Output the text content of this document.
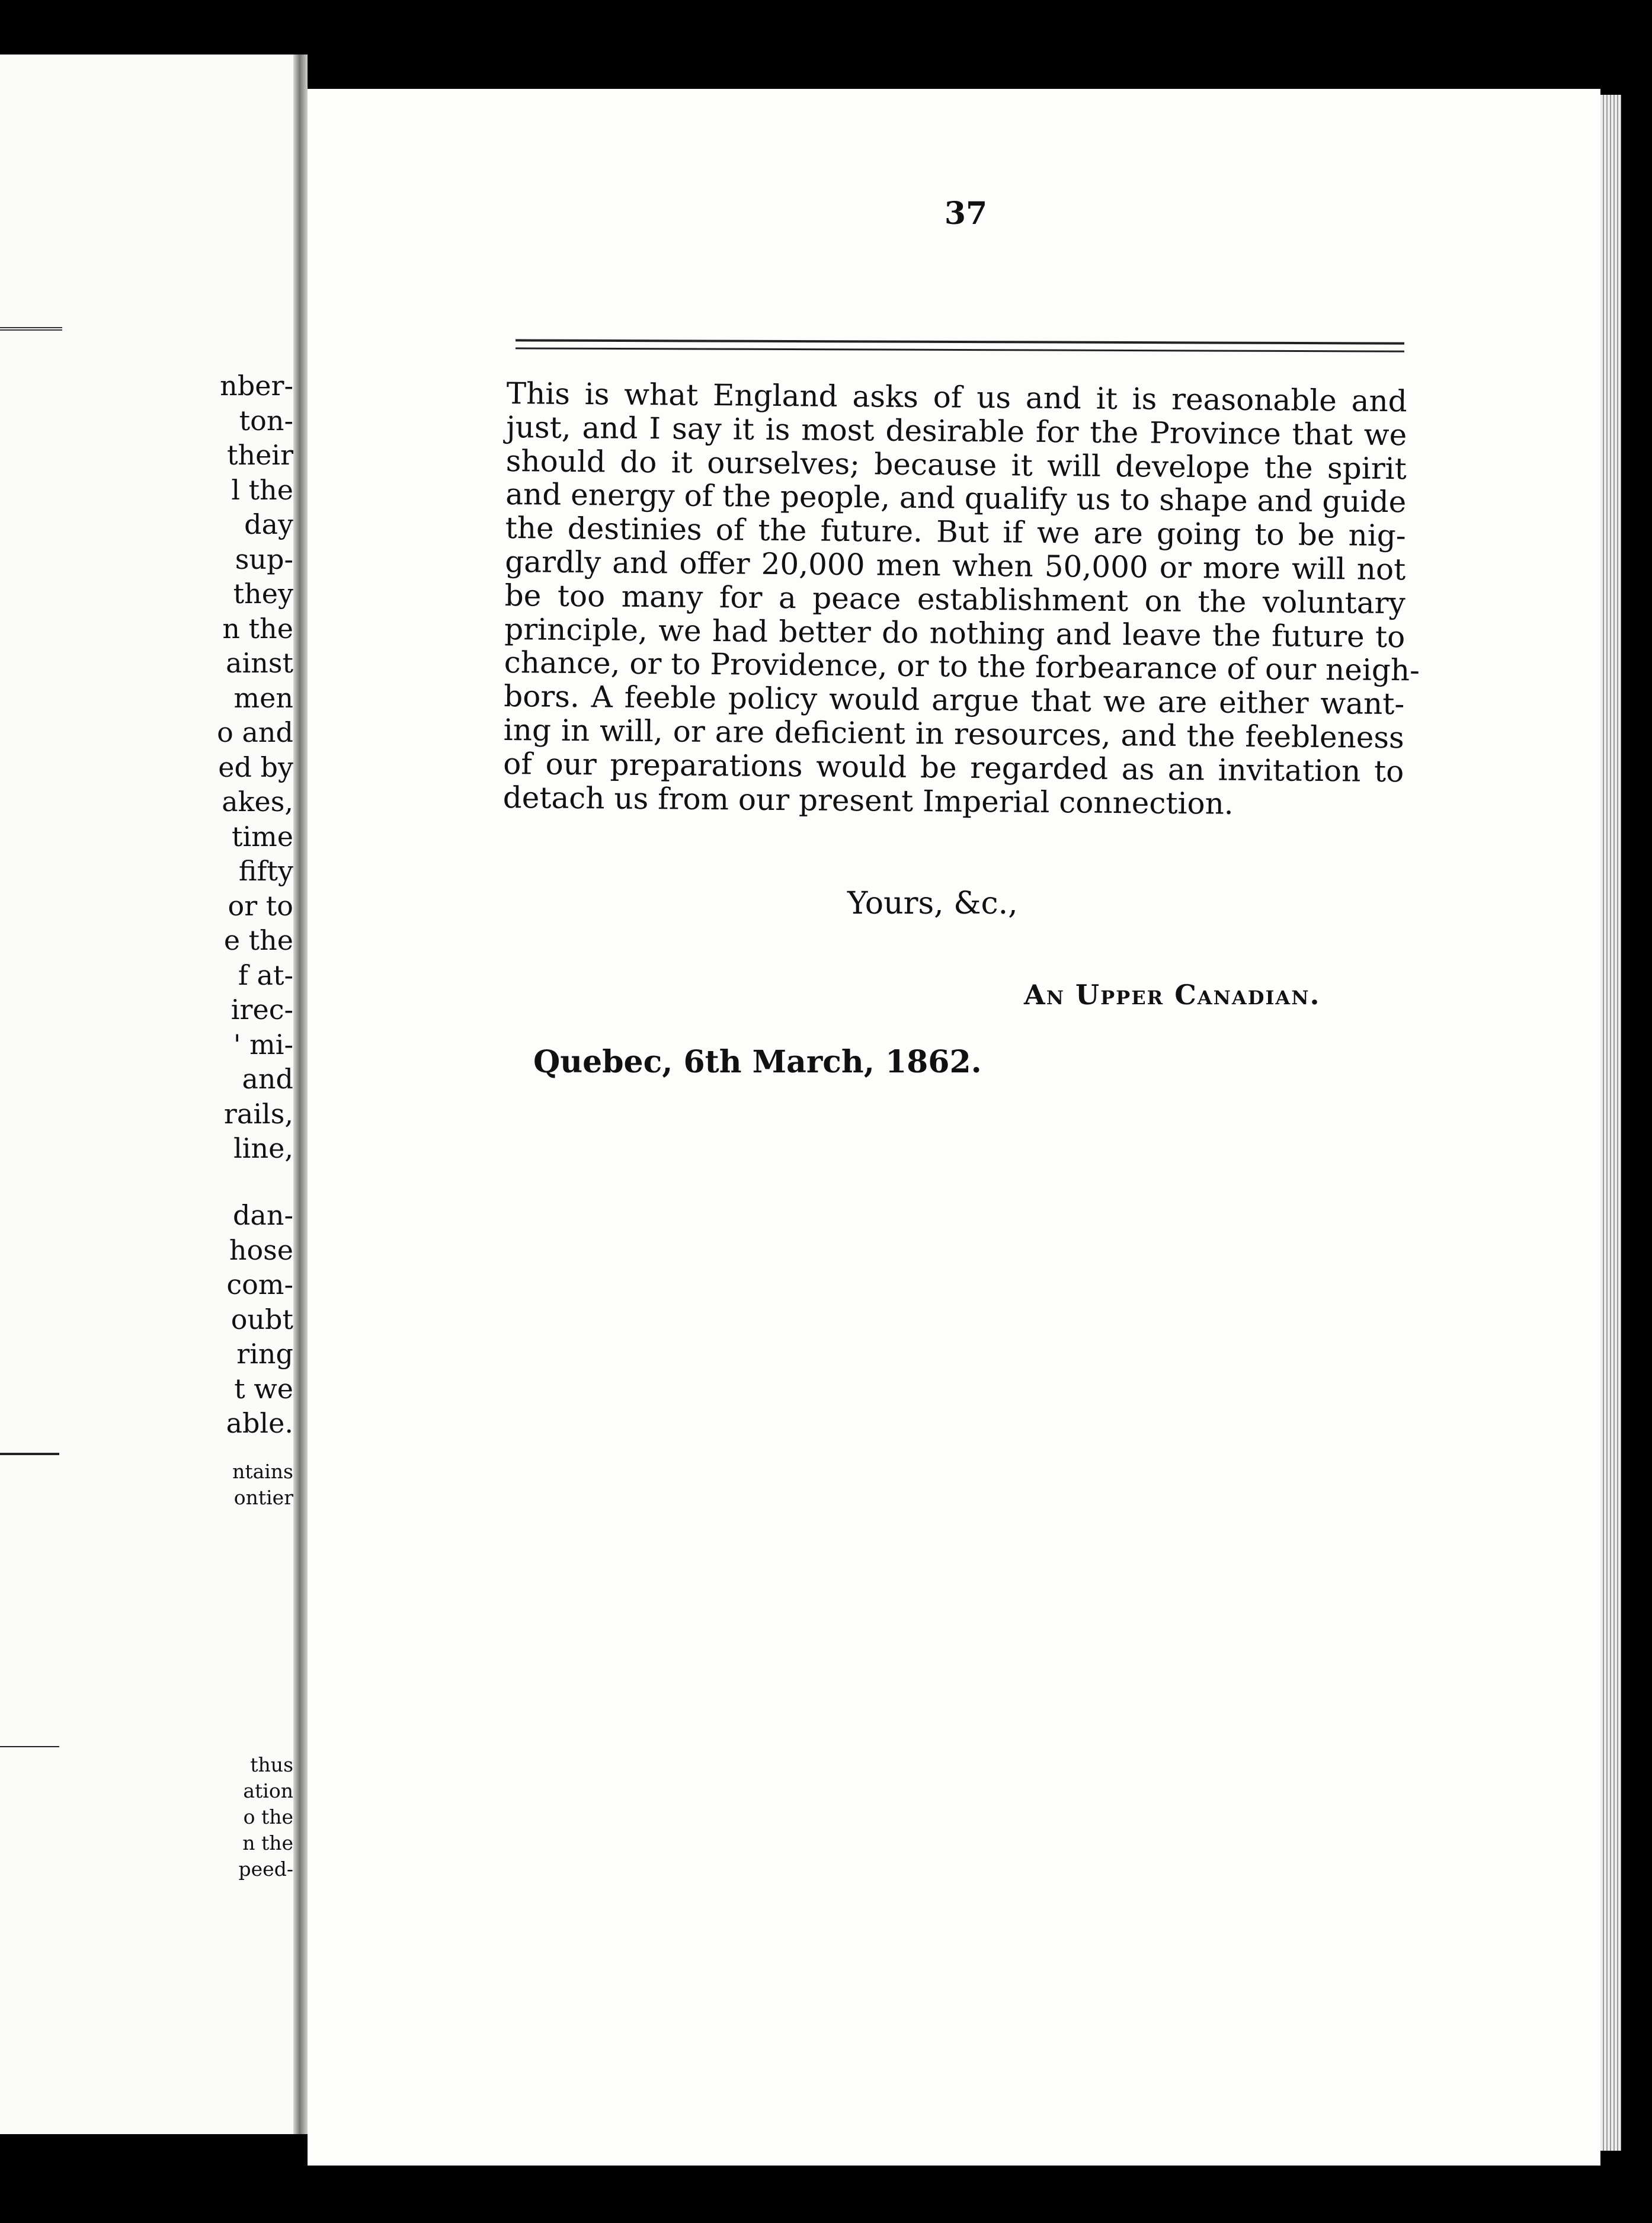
nber-
ton-
their
l the
day
sup-
they
n the
ainst
men
o and
ed by
akes,
time
fifty
or to
e the
f at-
irec-
' mi-
and
rails,
line,
dan-
hose
com-
oubt
ring
t we
able.
ntains
ontier
thus
ation
o the
n the
peed-
37

This is what England asks of us and it is reasonable and
just, and I say it is most desirable for the Province that we
should do it ourselves; because it will develope the spirit
and energy of the people, and qualify us to shape and guide
the destinies of the future. But if we are going to be nig-
gardly and offer 20,000 men when 50,000 or more will not
be too many for a peace establishment on the voluntary
principle, we had better do nothing and leave the future to
chance, or to Providence, or to the forbearance of our neigh-
bors. A feeble policy would argue that we are either want-
ing in will, or are deficient in resources, and the feebleness
of our preparations would be regarded as an invitation to
detach us from our present Imperial connection.

Yours, &c.,
An Upper Canadian.
Quebec, 6th March, 1862.
